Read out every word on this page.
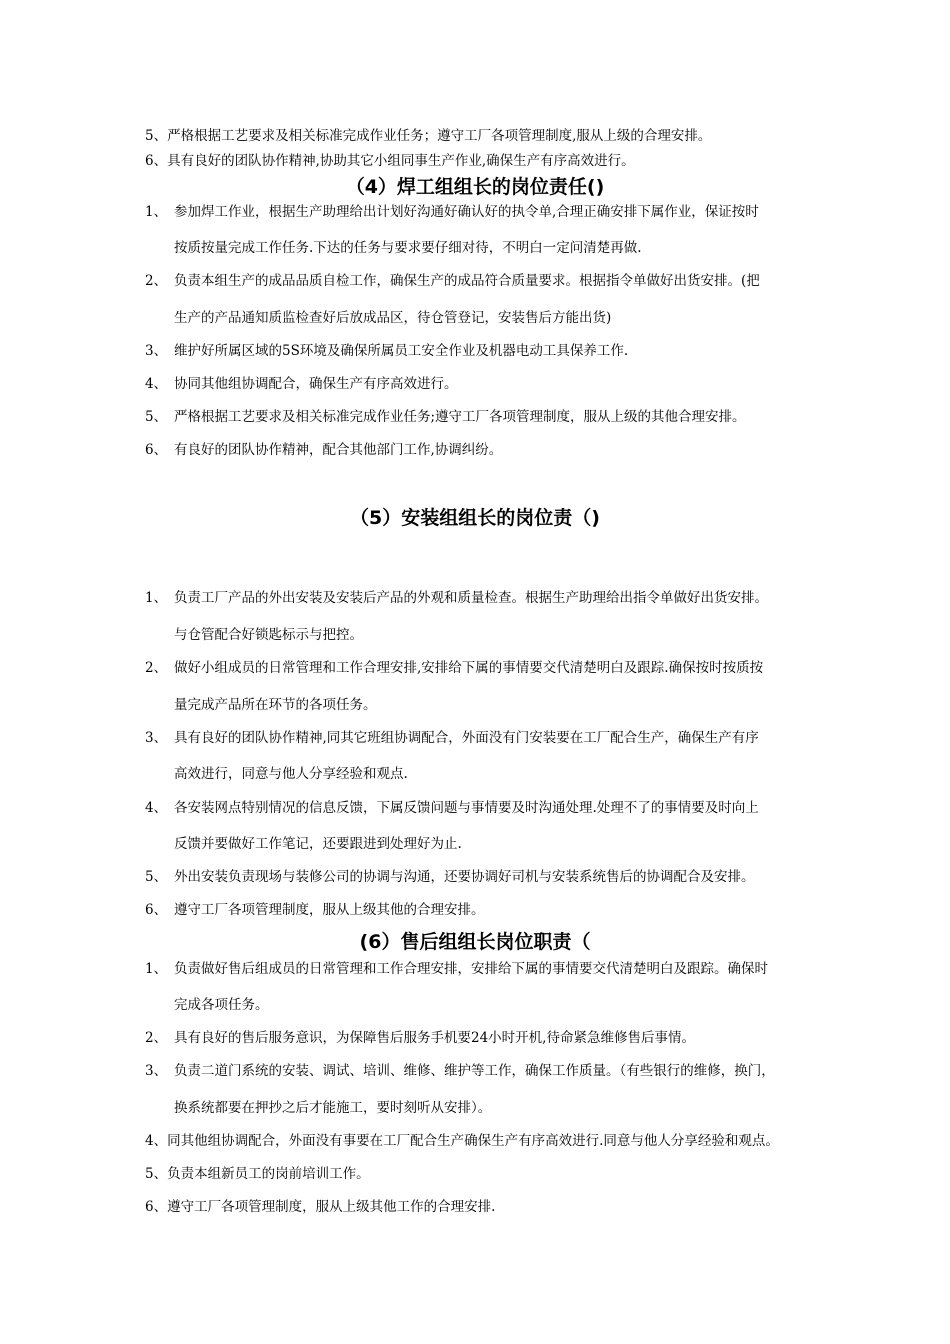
5、严格根据工艺要求及相关标准完成作业任务；遵守工厂各项管理制度,服从上级的合理安排。
6、具有良好的团队协作精神,协助其它小组同事生产作业,确保生产有序高效进行。
（4）焊工组组长的岗位责任()
1、 参加焊工作业，根据生产助理给出计划好沟通好确认好的执令单,合理正确安排下属作业，保证按时
按质按量完成工作任务.下达的任务与要求要仔细对待，不明白一定问清楚再做.
2、 负责本组生产的成品品质自检工作，确保生产的成品符合质量要求。根据指令单做好出货安排。(把
生产的产品通知质监检查好后放成品区，待仓管登记，安装售后方能出货)
3、 维护好所属区域的5S环境及确保所属员工安全作业及机器电动工具保养工作.
4、 协同其他组协调配合，确保生产有序高效进行。
5、 严格根据工艺要求及相关标准完成作业任务;遵守工厂各项管理制度，服从上级的其他合理安排。
6、 有良好的团队协作精神，配合其他部门工作,协调纠纷。
（5）安装组组长的岗位责（)
1、 负责工厂产品的外出安装及安装后产品的外观和质量检查。根据生产助理给出指令单做好出货安排。
与仓管配合好锁匙标示与把控。
2、 做好小组成员的日常管理和工作合理安排,安排给下属的事情要交代清楚明白及跟踪.确保按时按质按
量完成产品所在环节的各项任务。
3、 具有良好的团队协作精神,同其它班组协调配合，外面没有门安装要在工厂配合生产，确保生产有序
高效进行，同意与他人分享经验和观点.
4、 各安装网点特别情况的信息反馈，下属反馈问题与事情要及时沟通处理.处理不了的事情要及时向上
反馈并要做好工作笔记，还要跟进到处理好为止.
5、 外出安装负责现场与装修公司的协调与沟通，还要协调好司机与安装系统售后的协调配合及安排。
6、 遵守工厂各项管理制度，服从上级其他的合理安排。
(6）售后组组长岗位职责（
1、 负责做好售后组成员的日常管理和工作合理安排，安排给下属的事情要交代清楚明白及跟踪。确保时
完成各项任务。
2、 具有良好的售后服务意识，为保障售后服务手机要24小时开机,待命紧急维修售后事情。
3、 负责二道门系统的安装、调试、培训、维修、维护等工作，确保工作质量。（有些银行的维修，换门，
换系统都要在押抄之后才能施工，要时刻听从安排）。
4、同其他组协调配合，外面没有事要在工厂配合生产确保生产有序高效进行.同意与他人分享经验和观点。
5、负责本组新员工的岗前培训工作。
6、遵守工厂各项管理制度，服从上级其他工作的合理安排.
